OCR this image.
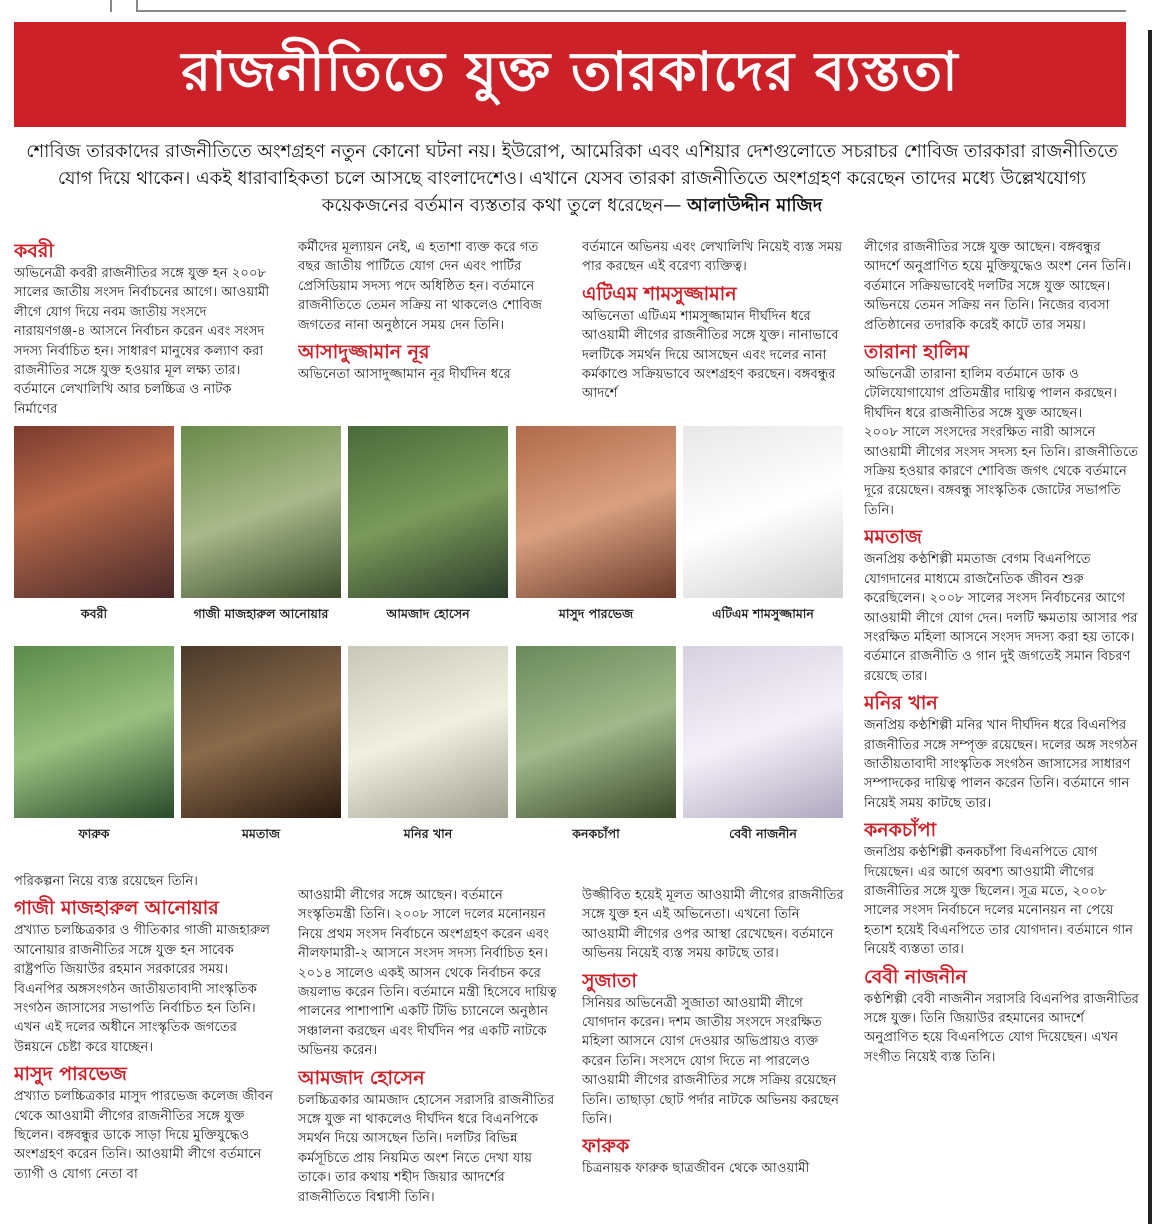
রাজনীতিতে যুক্ত তারকাদের ব্যস্ততা
শোবিজ তারকাদের রাজনীতিতে অংশগ্রহণ নতুন কোনো ঘটনা নয়। ইউরোপ, আমেরিকা এবং এশিয়ার দেশগুলোতে সচরাচর শোবিজ তারকারা রাজনীতিতে যোগ দিয়ে থাকেন। একই ধারাবাহিকতা চলে আসছে বাংলাদেশেও। এখানে যেসব তারকা রাজনীতিতে অংশগ্রহণ করেছেন তাদের মধ্যে উল্লেখযোগ্য কয়েকজনের বর্তমান ব্যস্ততার কথা তুলে ধরেছেন— আলাউদ্দীন মাজিদ
কবরী

অভিনেত্রী কবরী রাজনীতির সঙ্গে যুক্ত হন ২০০৮ সালের জাতীয় সংসদ নির্বাচনের আগে। আওয়ামী লীগে যোগ দিয়ে নবম জাতীয় সংসদে নারায়ণগঞ্জ-৪ আসনে নির্বাচন করেন এবং সংসদ সদস্য নির্বাচিত হন। সাধারণ মানুষের কল্যাণ করা রাজনীতির সঙ্গে যুক্ত হওয়ার মূল লক্ষ্য তার। বর্তমানে লেখালিখি আর চলচ্চিত্র ও নাটক নির্মাণের

কর্মীদের মূল্যায়ন নেই, এ হতাশা ব্যক্ত করে গত বছর জাতীয় পার্টিতে যোগ দেন এবং পার্টির প্রেসিডিয়াম সদস্য পদে অধিষ্ঠিত হন। বর্তমানে রাজনীতিতে তেমন সক্রিয় না থাকলেও শোবিজ জগতের নানা অনুষ্ঠানে সময় দেন তিনি।

আসাদুজ্জামান নূর

অভিনেতা আসাদুজ্জামান নূর দীর্ঘদিন ধরে

বর্তমানে অভিনয় এবং লেখালিখি নিয়েই ব্যস্ত সময় পার করছেন এই বরেণ্য ব্যক্তিত্ব।

এটিএম শামসুজ্জামান

অভিনেতা এটিএম শামসুজ্জামান দীর্ঘদিন ধরে আওয়ামী লীগের রাজনীতির সঙ্গে যুক্ত। নানাভাবে দলটিকে সমর্থন দিয়ে আসছেন এবং দলের নানা কর্মকাণ্ডে সক্রিয়ভাবে অংশগ্রহণ করছেন। বঙ্গবন্ধুর আদর্শে

লীগের রাজনীতির সঙ্গে যুক্ত আছেন। বঙ্গবন্ধুর আদর্শে অনুপ্রাণিত হয়ে মুক্তিযুদ্ধেও অংশ নেন তিনি।

বর্তমানে সক্রিয়ভাবেই দলটির সঙ্গে যুক্ত আছেন। অভিনয়ে তেমন সক্রিয় নন তিনি। নিজের ব্যবসা প্রতিষ্ঠানের তদারকি করেই কাটে তার সময়।

তারানা হালিম

অভিনেত্রী তারানা হালিম বর্তমানে ডাক ও টেলিযোগাযোগ প্রতিমন্ত্রীর দায়িত্ব পালন করছেন। দীর্ঘদিন ধরে রাজনীতির সঙ্গে যুক্ত আছেন।

২০০৮ সালে সংসদের সংরক্ষিত নারী আসনে আওয়ামী লীগের সংসদ সদস্য হন তিনি। রাজনীতিতে সক্রিয় হওয়ার কারণে শোবিজ জগৎ থেকে বর্তমানে দূরে রয়েছেন। বঙ্গবন্ধু সাংস্কৃতিক জোটের সভাপতি তিনি।

মমতাজ

জনপ্রিয় কণ্ঠশিল্পী মমতাজ বেগম বিএনপিতে যোগদানের মাধ্যমে রাজনৈতিক জীবন শুরু করেছিলেন। ২০০৮ সালের সংসদ নির্বাচনের আগে আওয়ামী লীগে যোগ দেন। দলটি ক্ষমতায় আসার পর সংরক্ষিত মহিলা আসনে সংসদ সদস্য করা হয় তাকে। বর্তমানে রাজনীতি ও গান দুই জগতেই সমান বিচরণ রয়েছে তার।

মনির খান

জনপ্রিয় কণ্ঠশিল্পী মনির খান দীর্ঘদিন ধরে বিএনপির রাজনীতির সঙ্গে সম্পৃক্ত রয়েছেন। দলের অঙ্গ সংগঠন জাতীয়তাবাদী সাংস্কৃতিক সংগঠন জাসাসের সাধারণ সম্পাদকের দায়িত্ব পালন করেন তিনি। বর্তমানে গান নিয়েই সময় কাটছে তার।

কনকচাঁপা

জনপ্রিয় কণ্ঠশিল্পী কনকচাঁপা বিএনপিতে যোগ দিয়েছেন। এর আগে অবশ্য আওয়ামী লীগের রাজনীতির সঙ্গে যুক্ত ছিলেন। সূত্র মতে, ২০০৮ সালের সংসদ নির্বাচনে দলের মনোনয়ন না পেয়ে হতাশ হয়েই বিএনপিতে তার যোগদান। বর্তমানে গান নিয়েই ব্যস্ততা তার।

বেবী নাজনীন

কণ্ঠশিল্পী বেবী নাজনীন সরাসরি বিএনপির রাজনীতির সঙ্গে যুক্ত। তিনি জিয়াউর রহমানের আদর্শে অনুপ্রাণিত হয়ে বিএনপিতে যোগ দিয়েছেন। এখন সংগীত নিয়েই ব্যস্ত তিনি।

কবরী	গাজী মাজহারুল আনোয়ার	আমজাদ হোসেন	মাসুদ পারভেজ	এটিএম শামসুজ্জামান
ফারুক	মমতাজ	মনির খান	কনকচাঁপা	বেবী নাজনীন

পরিকল্পনা নিয়ে ব্যস্ত রয়েছেন তিনি।

গাজী মাজহারুল আনোয়ার

প্রখ্যাত চলচ্চিত্রকার ও গীতিকার গাজী মাজহারুল আনোয়ার রাজনীতির সঙ্গে যুক্ত হন সাবেক রাষ্ট্রপতি জিয়াউর রহমান সরকারের সময়। বিএনপির অঙ্গসংগঠন জাতীয়তাবাদী সাংস্কৃতিক সংগঠন জাসাসের সভাপতি নির্বাচিত হন তিনি। এখন এই দলের অধীনে সাংস্কৃতিক জগতের উন্নয়নে চেষ্টা করে যাচ্ছেন।

মাসুদ পারভেজ

প্রখ্যাত চলচ্চিত্রকার মাসুদ পারভেজ কলেজ জীবন থেকে আওয়ামী লীগের রাজনীতির সঙ্গে যুক্ত ছিলেন। বঙ্গবন্ধুর ডাকে সাড়া দিয়ে মুক্তিযুদ্ধেও অংশগ্রহণ করেন তিনি। আওয়ামী লীগে বর্তমানে ত্যাগী ও যোগ্য নেতা বা

আওয়ামী লীগের সঙ্গে আছেন। বর্তমানে সংস্কৃতিমন্ত্রী তিনি। ২০০৮ সালে দলের মনোনয়ন নিয়ে প্রথম সংসদ নির্বাচনে অংশগ্রহণ করেন এবং নীলফামারী-২ আসনে সংসদ সদস্য নির্বাচিত হন। ২০১৪ সালেও একই আসন থেকে নির্বাচন করে জয়লাভ করেন তিনি। বর্তমানে মন্ত্রী হিসেবে দায়িত্ব পালনের পাশাপাশি একটি টিভি চ্যানেলে অনুষ্ঠান সঞ্চালনা করছেন এবং দীর্ঘদিন পর একটি নাটকে অভিনয় করেন।

আমজাদ হোসেন

চলচ্চিত্রকার আমজাদ হোসেন সরাসরি রাজনীতির সঙ্গে যুক্ত না থাকলেও দীর্ঘদিন ধরে বিএনপিকে সমর্থন দিয়ে আসছেন তিনি। দলটির বিভিন্ন কর্মসূচিতে প্রায় নিয়মিত অংশ নিতে দেখা যায় তাকে। তার কথায় শহীদ জিয়ার আদর্শের রাজনীতিতে বিশ্বাসী তিনি।

উজ্জীবিত হয়েই মূলত আওয়ামী লীগের রাজনীতির সঙ্গে যুক্ত হন এই অভিনেতা। এখনো তিনি আওয়ামী লীগের ওপর আস্থা রেখেছেন। বর্তমানে অভিনয় নিয়েই ব্যস্ত সময় কাটছে তার।

সুজাতা

সিনিয়র অভিনেত্রী সুজাতা আওয়ামী লীগে যোগদান করেন। দশম জাতীয় সংসদে সংরক্ষিত মহিলা আসনে যোগ দেওয়ার অভিপ্রায়ও ব্যক্ত করেন তিনি। সংসদে যোগ দিতে না পারলেও আওয়ামী লীগের রাজনীতির সঙ্গে সক্রিয় রয়েছেন তিনি। তাছাড়া ছোট পর্দার নাটকে অভিনয় করছেন তিনি।

ফারুক

চিত্রনায়ক ফারুক ছাত্রজীবন থেকে আওয়ামী
